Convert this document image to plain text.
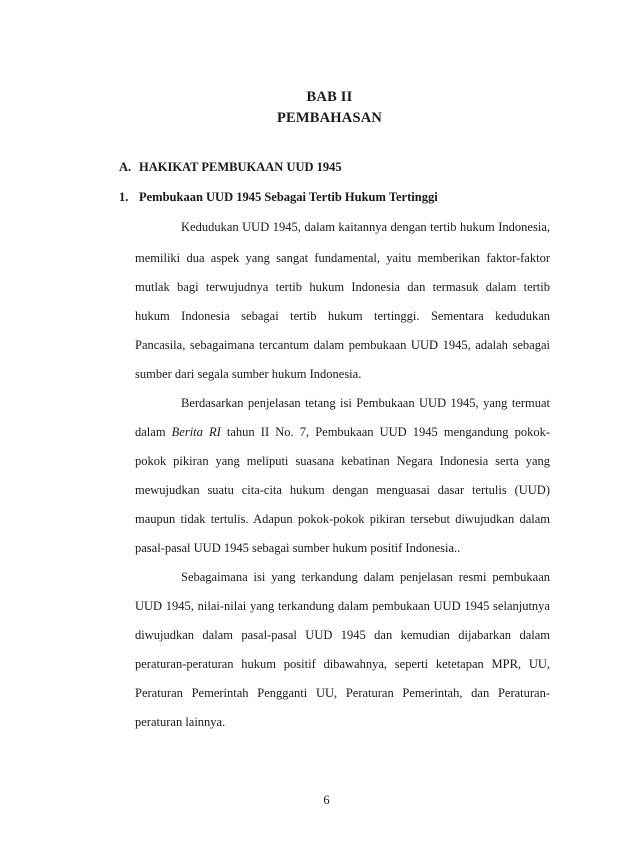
BAB II
PEMBAHASAN
A. HAKIKAT PEMBUKAAN UUD 1945
1. Pembukaan UUD 1945 Sebagai Tertib Hukum Tertinggi
Kedudukan UUD 1945, dalam kaitannya dengan tertib hukum Indonesia,
memiliki dua aspek yang sangat fundamental, yaitu memberikan faktor-faktor
mutlak bagi terwujudnya tertib hukum Indonesia dan termasuk dalam tertib
hukum Indonesia sebagai tertib hukum tertinggi. Sementara kedudukan
Pancasila, sebagaimana tercantum dalam pembukaan UUD 1945, adalah sebagai
sumber dari segala sumber hukum Indonesia.
Berdasarkan penjelasan tetang isi Pembukaan UUD 1945, yang termuat
dalam Berita RI tahun II No. 7, Pembukaan UUD 1945 mengandung pokok-
pokok pikiran yang meliputi suasana kebatinan Negara Indonesia serta yang
mewujudkan suatu cita-cita hukum dengan menguasai dasar tertulis (UUD)
maupun tidak tertulis. Adapun pokok-pokok pikiran tersebut diwujudkan dalam
pasal-pasal UUD 1945 sebagai sumber hukum positif Indonesia..
Sebagaimana isi yang terkandung dalam penjelasan resmi pembukaan
UUD 1945, nilai-nilai yang terkandung dalam pembukaan UUD 1945 selanjutnya
diwujudkan dalam pasal-pasal UUD 1945 dan kemudian dijabarkan dalam
peraturan-peraturan hukum positif dibawahnya, seperti ketetapan MPR, UU,
Peraturan Pemerintah Pengganti UU, Peraturan Pemerintah, dan Peraturan-
peraturan lainnya.
6
